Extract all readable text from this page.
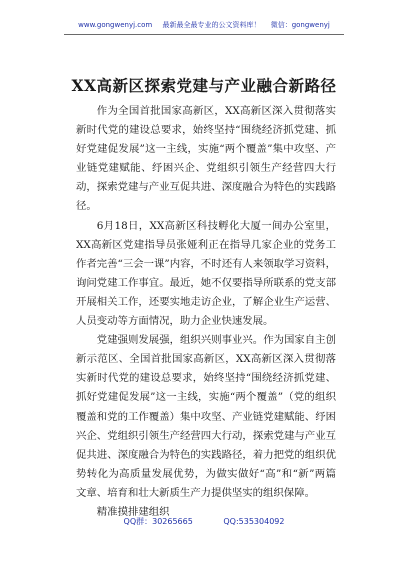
www.gongwenyj.com 最新最全最专业的公文资料库！ 微信：gongwenyj
XX高新区探索党建与产业融合新路径

作为全国首批国家高新区，XX高新区深入贯彻落实新时代党的建设总要求，始终坚持“围绕经济抓党建、抓好党建促发展”这一主线，实施“两个覆盖”集中攻坚、产业链党建赋能、纾困兴企、党组织引领生产经营四大行动，探索党建与产业互促共进、深度融合为特色的实践路径。

6月18日，XX高新区科技孵化大厦一间办公室里，XX高新区党建指导员张娅利正在指导几家企业的党务工作者完善“三会一课”内容，不时还有人来领取学习资料，询问党建工作事宜。最近，她不仅要指导所联系的党支部开展相关工作，还要实地走访企业，了解企业生产运营、人员变动等方面情况，助力企业快速发展。

党建强则发展强，组织兴则事业兴。作为国家自主创新示范区、全国首批国家高新区，XX高新区深入贯彻落实新时代党的建设总要求，始终坚持“围绕经济抓党建、抓好党建促发展”这一主线，实施“两个覆盖”（党的组织覆盖和党的工作覆盖）集中攻坚、产业链党建赋能、纾困兴企、党组织引领生产经营四大行动，探索党建与产业互促共进、深度融合为特色的实践路径，着力把党的组织优势转化为高质量发展优势，为做实做好“高”和“新”两篇文章、培育和壮大新质生产力提供坚实的组织保障。

精准摸排建组织

QQ群：30265665	QQ:535304092
